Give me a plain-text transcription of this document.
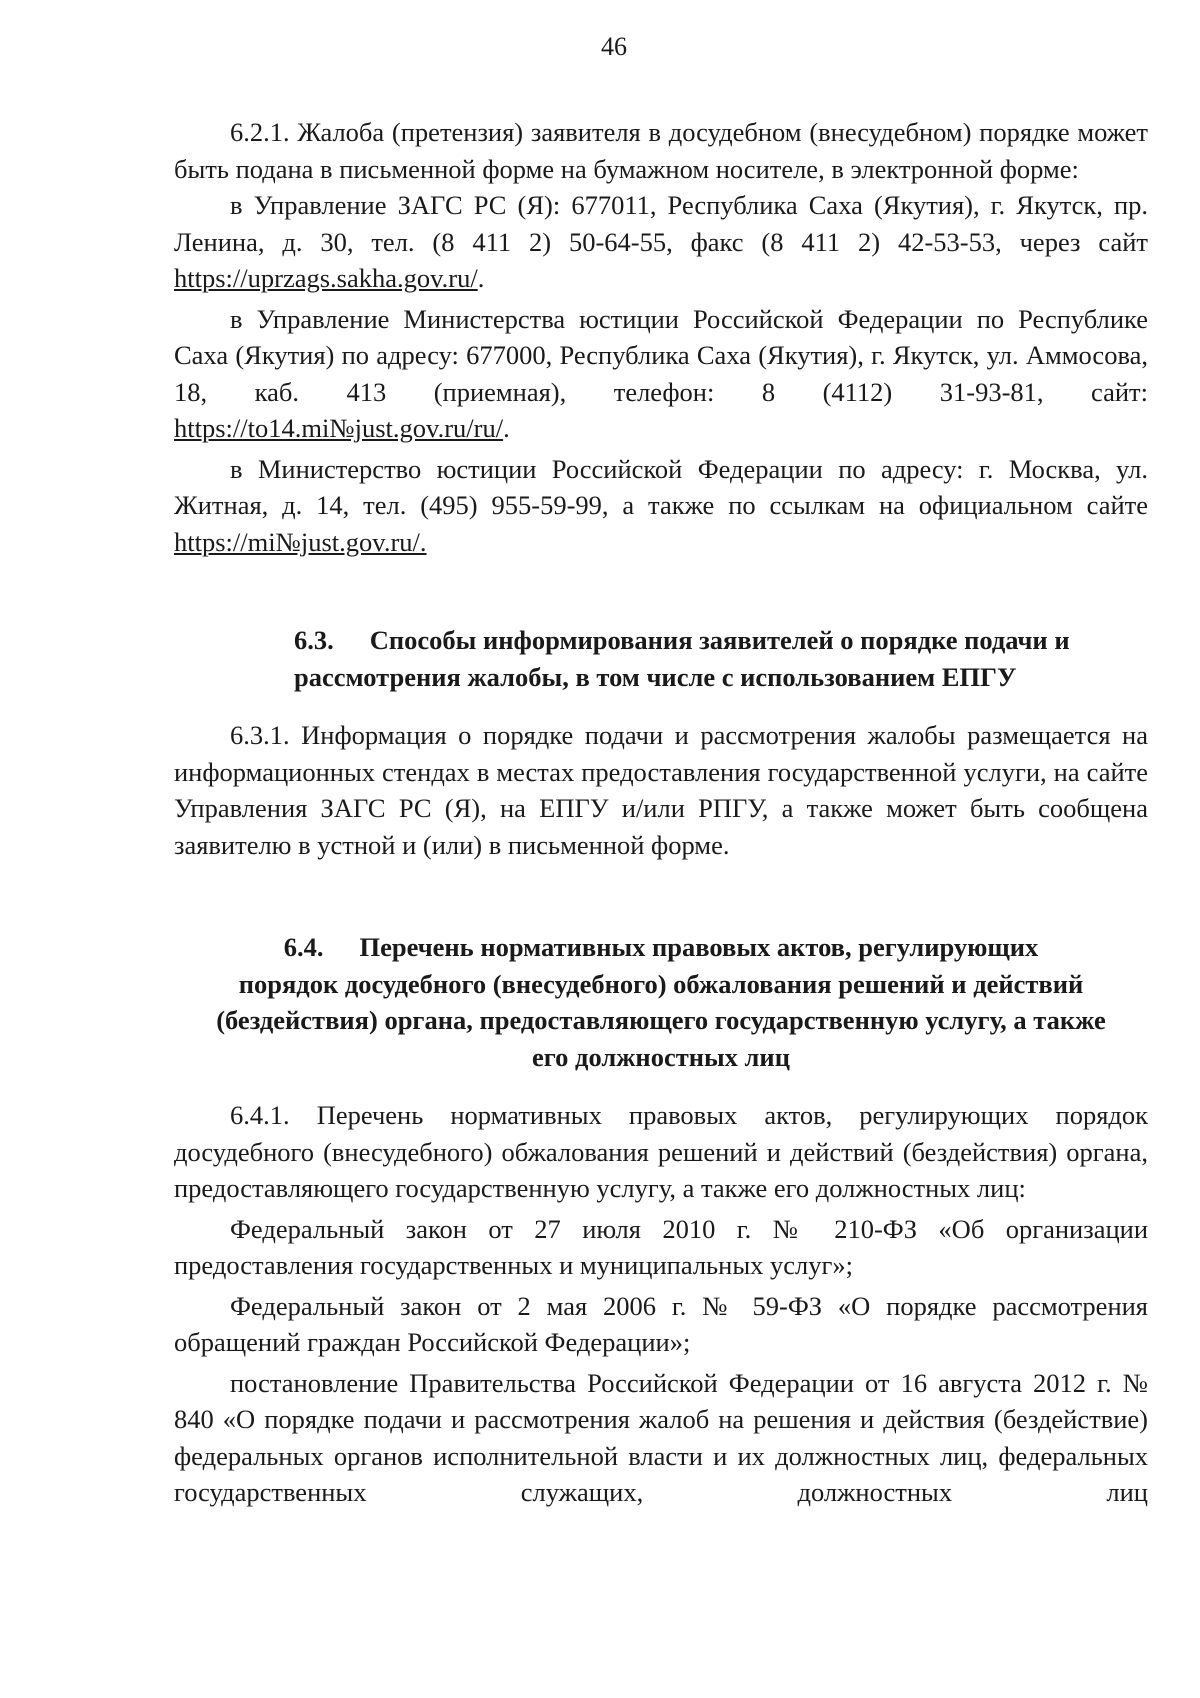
46

6.2.1. Жалоба (претензия) заявителя в досудебном (внесудебном) порядке может быть подана в письменной форме на бумажном носителе, в электронной форме:

в Управление ЗАГС РС (Я): 677011, Республика Саха (Якутия), г. Якутск, пр. Ленина, д. 30, тел. (8 411 2) 50-64-55, факс (8 411 2) 42-53-53, через сайт https://uprzags.sakha.gov.ru/.

в Управление Министерства юстиции Российской Федерации по Республике Саха (Якутия) по адресу: 677000, Республика Саха (Якутия), г. Якутск, ул. Аммосова, 18, каб. 413 (приемная), телефон: 8 (4112) 31-93-81, сайт: https://to14.mi№just.gov.ru/ru/.

в Министерство юстиции Российской Федерации по адресу: г. Москва, ул. Житная, д. 14, тел. (495) 955-59-99, а также по ссылкам на официальном сайте https://mi№just.gov.ru/.

6.3. Способы информирования заявителей о порядке подачи и
рассмотрения жалобы, в том числе с использованием ЕПГУ

6.3.1. Информация о порядке подачи и рассмотрения жалобы размещается на информационных стендах в местах предоставления государственной услуги, на сайте Управления ЗАГС РС (Я), на ЕПГУ и/или РПГУ, а также может быть сообщена заявителю в устной и (или) в письменной форме.

6.4. Перечень нормативных правовых актов, регулирующих
порядок досудебного (внесудебного) обжалования решений и действий
(бездействия) органа, предоставляющего государственную услугу, а также
его должностных лиц

6.4.1. Перечень нормативных правовых актов, регулирующих порядок досудебного (внесудебного) обжалования решений и действий (бездействия) органа, предоставляющего государственную услугу, а также его должностных лиц:

Федеральный закон от 27 июля 2010 г. № 210-ФЗ «Об организации предоставления государственных и муниципальных услуг»;

Федеральный закон от 2 мая 2006 г. № 59-ФЗ «О порядке рассмотрения обращений граждан Российской Федерации»;

постановление Правительства Российской Федерации от 16 августа 2012 г. № 840 «О порядке подачи и рассмотрения жалоб на решения и действия (бездействие) федеральных органов исполнительной власти и их должностных лиц, федеральных государственных служащих, должностных лиц
